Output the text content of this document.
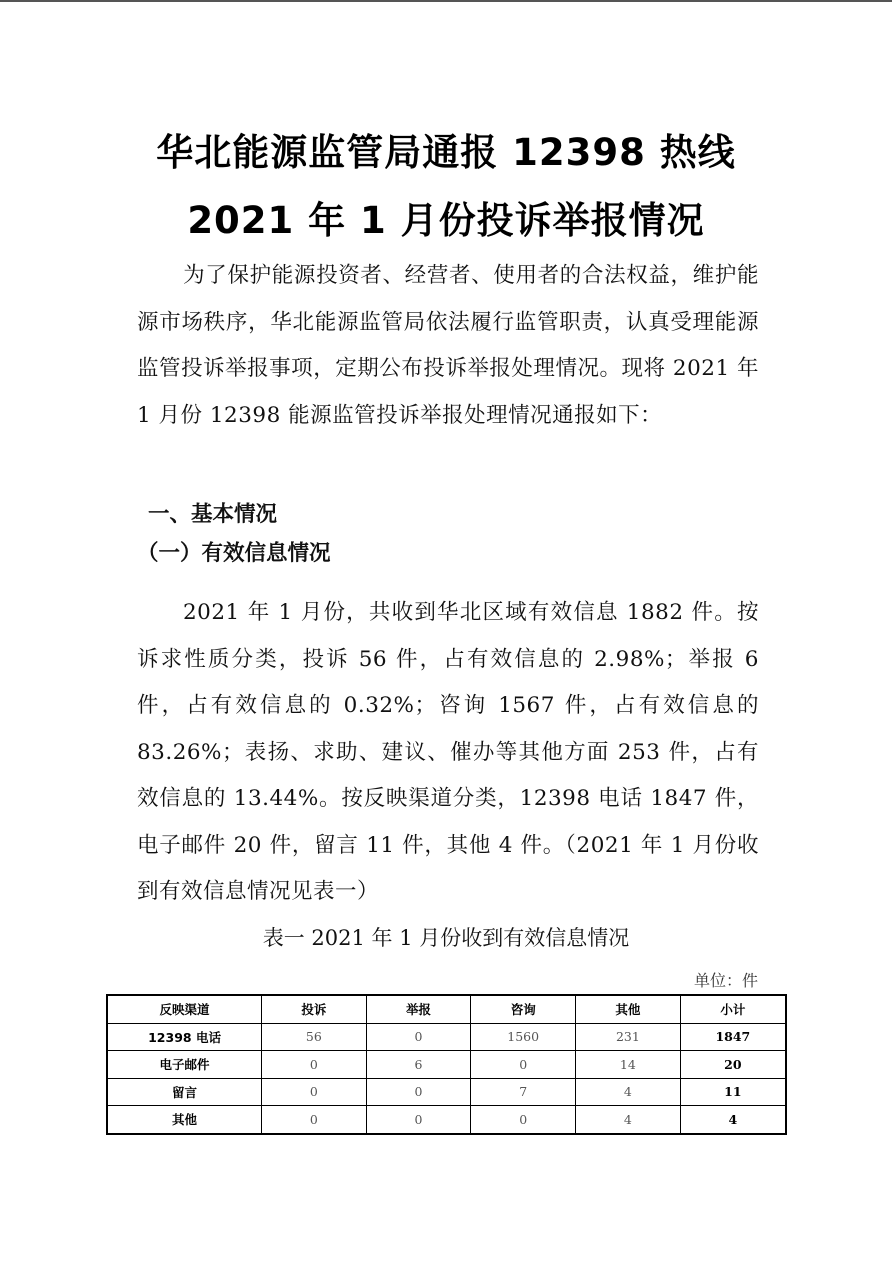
华北能源监管局通报 12398 热线
2021 年 1 月份投诉举报情况
为了保护能源投资者、经营者、使用者的合法权益，维护能源市场秩序，华北能源监管局依法履行监管职责，认真受理能源监管投诉举报事项，定期公布投诉举报处理情况。现将 2021 年 1 月份 12398 能源监管投诉举报处理情况通报如下：
一、基本情况
（一）有效信息情况
2021 年 1 月份，共收到华北区域有效信息 1882 件。按诉求性质分类，投诉 56 件，占有效信息的 2.98%；举报 6 件，占有效信息的 0.32%；咨询 1567 件，占有效信息的 83.26%；表扬、求助、建议、催办等其他方面 253 件，占有效信息的 13.44%。按反映渠道分类，12398 电话 1847 件，电子邮件 20 件，留言 11 件，其他 4 件。（2021 年 1 月份收到有效信息情况见表一）
表一 2021 年 1 月份收到有效信息情况
单位：件
反映渠道	投诉	举报	咨询	其他	小计
12398 电话	56	0	1560	231	1847
电子邮件	0	6	0	14	20
留言	0	0	7	4	11
其他	0	0	0	4	4
